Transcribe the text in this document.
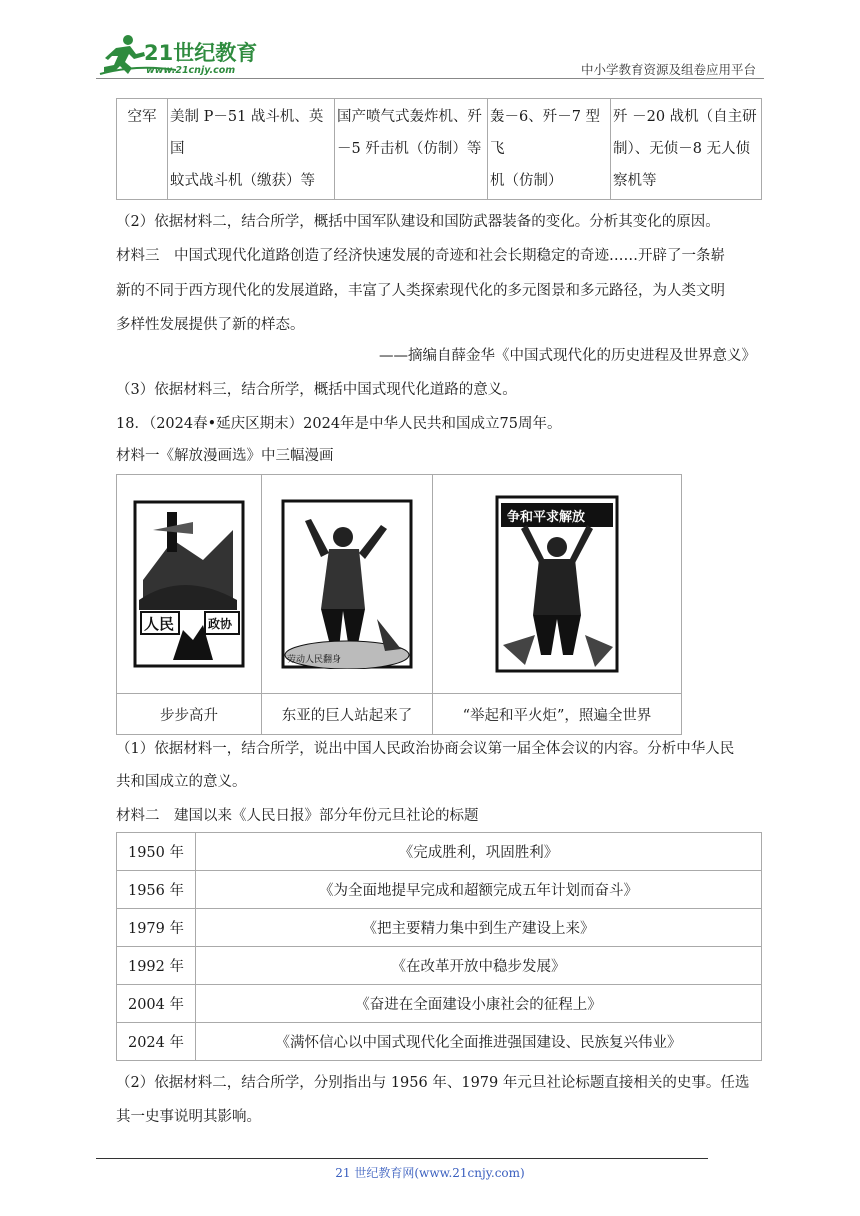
21世纪教育
www.21cnjy.com	中小学教育资源及组卷应用平台
空军	美制 P－51 战斗机、英国
蚊式战斗机（缴获）等

国产喷气式轰炸机、歼
－5 歼击机（仿制）等

轰－6、歼－7 型飞
机（仿制）

歼 －20 战机（自主研
制）、无侦－8 无人侦
察机等
（2）依据材料二，结合所学，概括中国军队建设和国防武器装备的变化。分析其变化的原因。
材料三　中国式现代化道路创造了经济快速发展的奇迹和社会长期稳定的奇迹……开辟了一条崭
新的不同于西方现代化的发展道路，丰富了人类探索现代化的多元图景和多元路径，为人类文明
多样性发展提供了新的样态。
——摘编自薛金华《中国式现代化的历史进程及世界意义》
（3）依据材料三，结合所学，概括中国式现代化道路的意义。
18．（2024春•延庆区期末）2024年是中华人民共和国成立75周年。
材料一《解放漫画选》中三幅漫画
人民 政协	劳动人民翻身	争和平求解放

步步高升	东亚的巨人站起来了	“举起和平火炬”，照遍全世界
（1）依据材料一，结合所学，说出中国人民政治协商会议第一届全体会议的内容。分析中华人民
共和国成立的意义。
材料二　建国以来《人民日报》部分年份元旦社论的标题
1950 年	《完成胜利，巩固胜利》
1956 年	《为全面地提早完成和超额完成五年计划而奋斗》
1979 年	《把主要精力集中到生产建设上来》
1992 年	《在改革开放中稳步发展》
2004 年	《奋进在全面建设小康社会的征程上》
2024 年	《满怀信心以中国式现代化全面推进强国建设、民族复兴伟业》
（2）依据材料二，结合所学，分别指出与 1956 年、1979 年元旦社论标题直接相关的史事。任选
其一史事说明其影响。
21 世纪教育网(www.21cnjy.com)
